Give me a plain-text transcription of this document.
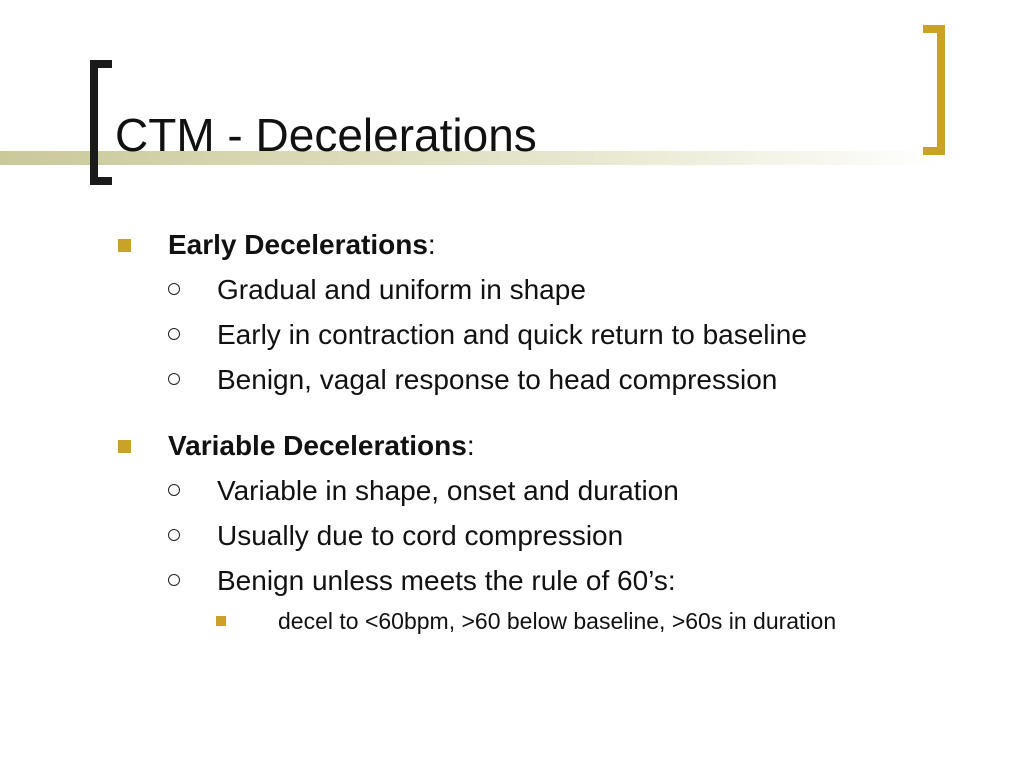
CTM - Decelerations
Early Decelerations:
Gradual and uniform in shape
Early in contraction and quick return to baseline
Benign, vagal response to head compression
Variable Decelerations:
Variable in shape, onset and duration
Usually due to cord compression
Benign unless meets the rule of 60’s:
decel to <60bpm, >60 below baseline, >60s in duration
